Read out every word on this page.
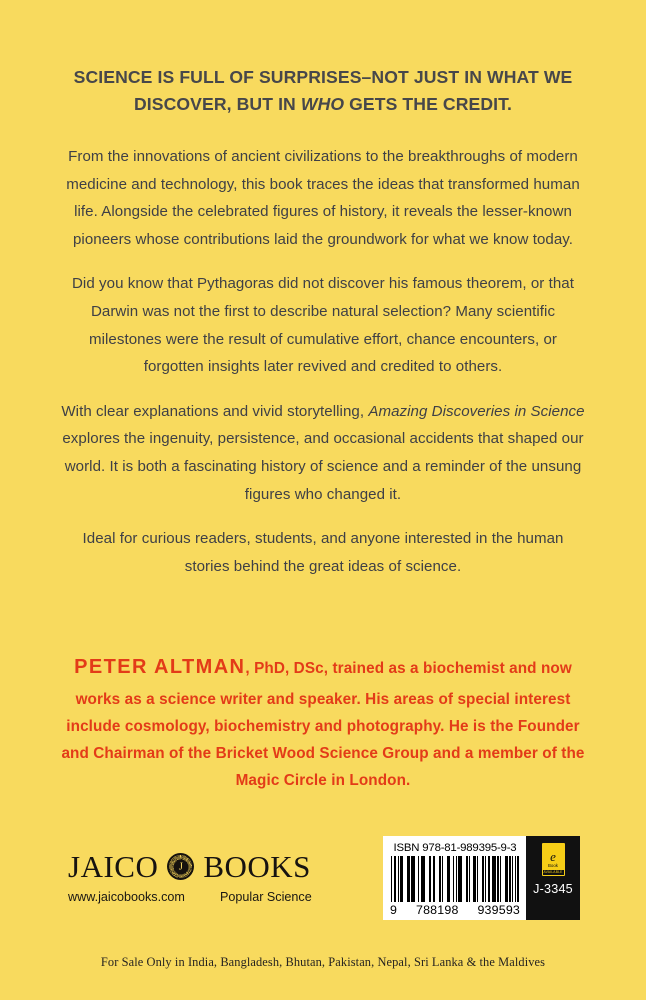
SCIENCE IS FULL OF SURPRISES–NOT JUST IN WHAT WE DISCOVER, BUT IN WHO GETS THE CREDIT.

From the innovations of ancient civilizations to the breakthroughs of modern medicine and technology, this book traces the ideas that transformed human life. Alongside the celebrated figures of history, it reveals the lesser-known pioneers whose contributions laid the groundwork for what we know today.

Did you know that Pythagoras did not discover his famous theorem, or that Darwin was not the first to describe natural selection? Many scientific milestones were the result of cumulative effort, chance encounters, or forgotten insights later revived and credited to others.

With clear explanations and vivid storytelling, Amazing Discoveries in Science explores the ingenuity, persistence, and occasional accidents that shaped our world. It is both a fascinating history of science and a reminder of the unsung figures who changed it.

Ideal for curious readers, students, and anyone interested in the human stories behind the great ideas of science.

PETER ALTMAN, PhD, DSc, trained as a biochemist and now works as a science writer and speaker. His areas of special interest include cosmology, biochemistry and photography. He is the Founder and Chairman of the Bricket Wood Science Group and a member of the Magic Circle in London.
JAICO	J BOOKS
www.jaicobooks.com	Popular Science
ISBN 978-81-989395-9-3
9 788198 939593
e
Book
AVAILABLE
J-3345
For Sale Only in India, Bangladesh, Bhutan, Pakistan, Nepal, Sri Lanka & the Maldives
